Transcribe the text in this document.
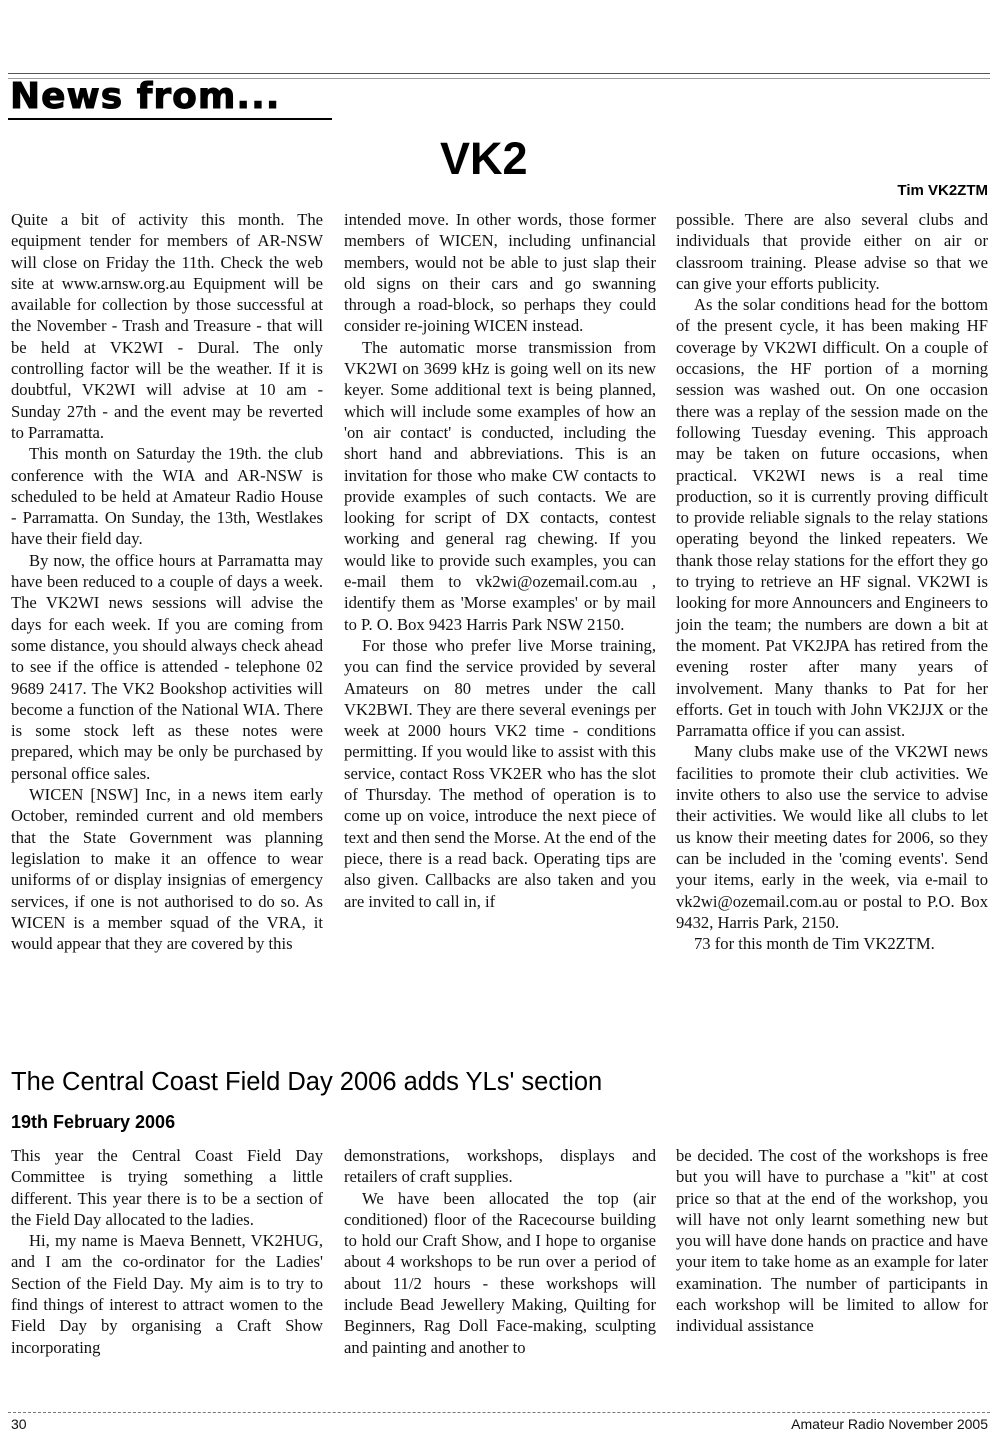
News from...
VK2
Tim VK2ZTM

Quite a bit of activity this month. The equipment tender for members of AR-NSW will close on Friday the 11th. Check the web site at www.arnsw.org.au Equipment will be available for collection by those successful at the November - Trash and Treasure - that will be held at VK2WI - Dural. The only controlling factor will be the weather. If it is doubtful, VK2WI will advise at 10 am - Sunday 27th - and the event may be reverted to Parramatta.

This month on Saturday the 19th. the club conference with the WIA and AR-NSW is scheduled to be held at Amateur Radio House - Parramatta. On Sunday, the 13th, Westlakes have their field day.

By now, the office hours at Parramatta may have been reduced to a couple of days a week. The VK2WI news sessions will advise the days for each week. If you are coming from some distance, you should always check ahead to see if the office is attended - telephone 02 9689 2417. The VK2 Bookshop activities will become a function of the National WIA. There is some stock left as these notes were prepared, which may be only be purchased by personal office sales.

WICEN [NSW] Inc, in a news item early October, reminded current and old members that the State Government was planning legislation to make it an offence to wear uniforms of or display insignias of emergency services, if one is not authorised to do so. As WICEN is a member squad of the VRA, it would appear that they are covered by this

intended move. In other words, those former members of WICEN, including unfinancial members, would not be able to just slap their old signs on their cars and go swanning through a road-block, so perhaps they could consider re-joining WICEN instead.

The automatic morse transmission from VK2WI on 3699 kHz is going well on its new keyer. Some additional text is being planned, which will include some examples of how an 'on air contact' is conducted, including the short hand and abbreviations. This is an invitation for those who make CW contacts to provide examples of such contacts. We are looking for script of DX contacts, contest working and general rag chewing. If you would like to provide such examples, you can e-mail them to vk2wi@ozemail.com.au , identify them as 'Morse examples' or by mail to P. O. Box 9423 Harris Park NSW 2150.

For those who prefer live Morse training, you can find the service provided by several Amateurs on 80 metres under the call VK2BWI. They are there several evenings per week at 2000 hours VK2 time - conditions permitting. If you would like to assist with this service, contact Ross VK2ER who has the slot of Thursday. The method of operation is to come up on voice, introduce the next piece of text and then send the Morse. At the end of the piece, there is a read back. Operating tips are also given. Callbacks are also taken and you are invited to call in, if

possible. There are also several clubs and individuals that provide either on air or classroom training. Please advise so that we can give your efforts publicity.

As the solar conditions head for the bottom of the present cycle, it has been making HF coverage by VK2WI difficult. On a couple of occasions, the HF portion of a morning session was washed out. On one occasion there was a replay of the session made on the following Tuesday evening. This approach may be taken on future occasions, when practical. VK2WI news is a real time production, so it is currently proving difficult to provide reliable signals to the relay stations operating beyond the linked repeaters. We thank those relay stations for the effort they go to trying to retrieve an HF signal. VK2WI is looking for more Announcers and Engineers to join the team; the numbers are down a bit at the moment. Pat VK2JPA has retired from the evening roster after many years of involvement. Many thanks to Pat for her efforts. Get in touch with John VK2JJX or the Parramatta office if you can assist.

Many clubs make use of the VK2WI news facilities to promote their club activities. We invite others to also use the service to advise their activities. We would like all clubs to let us know their meeting dates for 2006, so they can be included in the 'coming events'. Send your items, early in the week, via e-mail to vk2wi@ozemail.com.au or postal to P.O. Box 9432, Harris Park, 2150.

73 for this month de Tim VK2ZTM.

The Central Coast Field Day 2006 adds YLs' section
19th February 2006

This year the Central Coast Field Day Committee is trying something a little different. This year there is to be a section of the Field Day allocated to the ladies.

Hi, my name is Maeva Bennett, VK2HUG, and I am the co-ordinator for the Ladies' Section of the Field Day. My aim is to try to find things of interest to attract women to the Field Day by organising a Craft Show incorporating

demonstrations, workshops, displays and retailers of craft supplies.

We have been allocated the top (air conditioned) floor of the Racecourse building to hold our Craft Show, and I hope to organise about 4 workshops to be run over a period of about 11/2 hours - these workshops will include Bead Jewellery Making, Quilting for Beginners, Rag Doll Face-making, sculpting and painting and another to

be decided. The cost of the workshops is free but you will have to purchase a "kit" at cost price so that at the end of the workshop, you will have not only learnt something new but you will have done hands on practice and have your item to take home as an example for later examination. The number of participants in each workshop will be limited to allow for individual assistance

30	Amateur Radio November 2005
